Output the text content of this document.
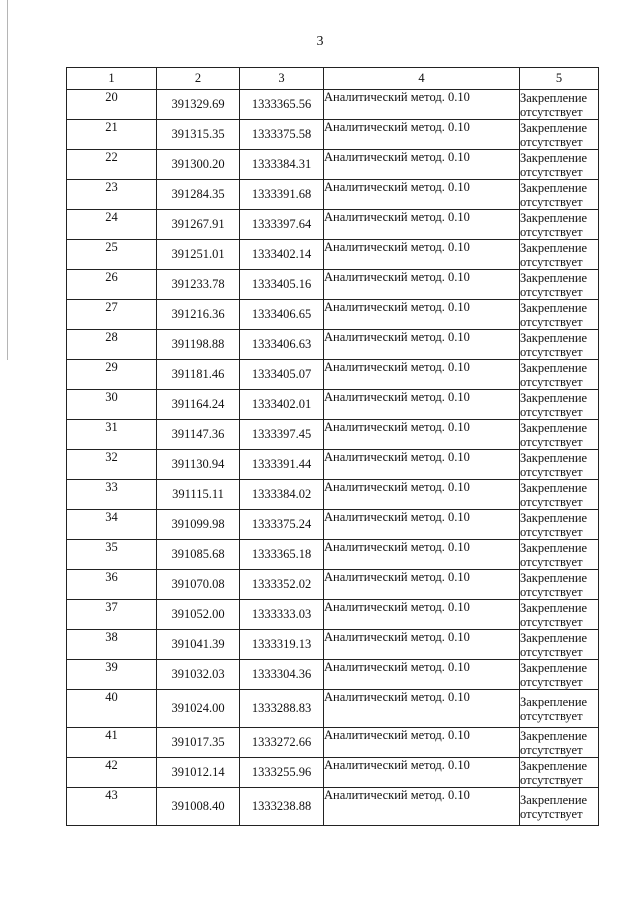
3
1	2	3	4	5
20	391329.69	1333365.56	Аналитический метод. 0.10	Закрепление
отсутствует

21	391315.35	1333375.58	Аналитический метод. 0.10	Закрепление
отсутствует

22	391300.20	1333384.31	Аналитический метод. 0.10	Закрепление
отсутствует

23	391284.35	1333391.68	Аналитический метод. 0.10	Закрепление
отсутствует

24	391267.91	1333397.64	Аналитический метод. 0.10	Закрепление
отсутствует

25	391251.01	1333402.14	Аналитический метод. 0.10	Закрепление
отсутствует

26	391233.78	1333405.16	Аналитический метод. 0.10	Закрепление
отсутствует

27	391216.36	1333406.65	Аналитический метод. 0.10	Закрепление
отсутствует

28	391198.88	1333406.63	Аналитический метод. 0.10	Закрепление
отсутствует

29	391181.46	1333405.07	Аналитический метод. 0.10	Закрепление
отсутствует

30	391164.24	1333402.01	Аналитический метод. 0.10	Закрепление
отсутствует

31	391147.36	1333397.45	Аналитический метод. 0.10	Закрепление
отсутствует

32	391130.94	1333391.44	Аналитический метод. 0.10	Закрепление
отсутствует

33	391115.11	1333384.02	Аналитический метод. 0.10	Закрепление
отсутствует

34	391099.98	1333375.24	Аналитический метод. 0.10	Закрепление
отсутствует

35	391085.68	1333365.18	Аналитический метод. 0.10	Закрепление
отсутствует

36	391070.08	1333352.02	Аналитический метод. 0.10	Закрепление
отсутствует

37	391052.00	1333333.03	Аналитический метод. 0.10	Закрепление
отсутствует

38	391041.39	1333319.13	Аналитический метод. 0.10	Закрепление
отсутствует

39	391032.03	1333304.36	Аналитический метод. 0.10	Закрепление
отсутствует

40	391024.00	1333288.83	Аналитический метод. 0.10	Закрепление
отсутствует

41	391017.35	1333272.66	Аналитический метод. 0.10	Закрепление
отсутствует

42	391012.14	1333255.96	Аналитический метод. 0.10	Закрепление
отсутствует

43	391008.40	1333238.88	Аналитический метод. 0.10	Закрепление
отсутствует
